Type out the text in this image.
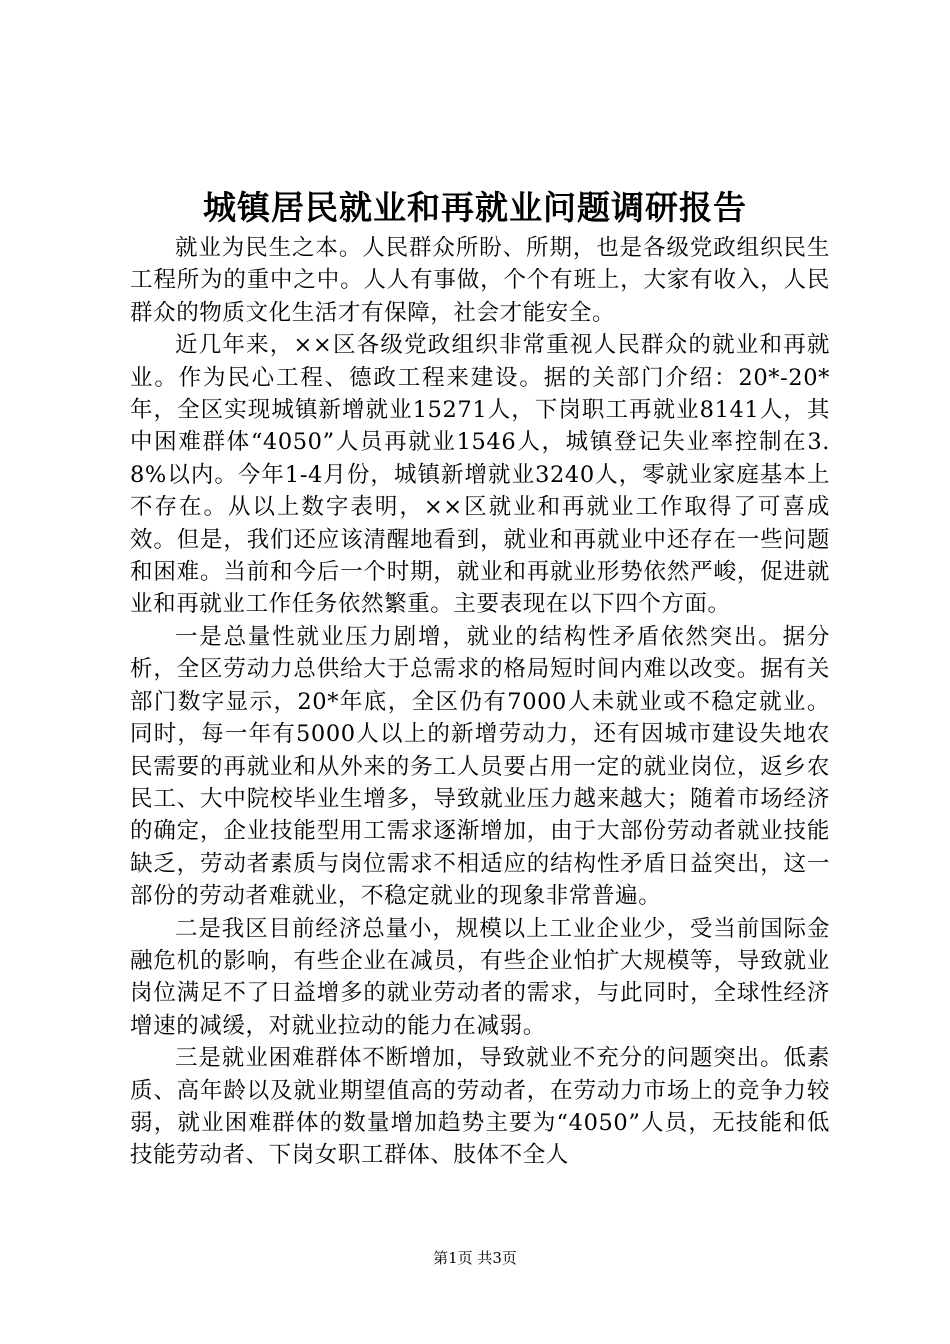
城镇居民就业和再就业问题调研报告

就业为民生之本。人民群众所盼、所期，也是各级党政组织民生工程所为的重中之中。人人有事做，个个有班上，大家有收入，人民群众的物质文化生活才有保障，社会才能安全。

近几年来，××区各级党政组织非常重视人民群众的就业和再就业。作为民心工程、德政工程来建设。据的关部门介绍：20*-20*年，全区实现城镇新增就业15271人，下岗职工再就业8141人，其中困难群体“4050”人员再就业1546人，城镇登记失业率控制在3.8%以内。今年1-4月份，城镇新增就业3240人，零就业家庭基本上不存在。从以上数字表明，××区就业和再就业工作取得了可喜成效。但是，我们还应该清醒地看到，就业和再就业中还存在一些问题和困难。当前和今后一个时期，就业和再就业形势依然严峻，促进就业和再就业工作任务依然繁重。主要表现在以下四个方面。

一是总量性就业压力剧增，就业的结构性矛盾依然突出。据分析，全区劳动力总供给大于总需求的格局短时间内难以改变。据有关部门数字显示，20*年底，全区仍有7000人未就业或不稳定就业。同时，每一年有5000人以上的新增劳动力，还有因城市建设失地农民需要的再就业和从外来的务工人员要占用一定的就业岗位，返乡农民工、大中院校毕业生增多，导致就业压力越来越大；随着市场经济的确定，企业技能型用工需求逐渐增加，由于大部份劳动者就业技能缺乏，劳动者素质与岗位需求不相适应的结构性矛盾日益突出，这一部份的劳动者难就业，不稳定就业的现象非常普遍。

二是我区目前经济总量小，规模以上工业企业少，受当前国际金融危机的影响，有些企业在减员，有些企业怕扩大规模等，导致就业岗位满足不了日益增多的就业劳动者的需求，与此同时，全球性经济增速的减缓，对就业拉动的能力在减弱。

三是就业困难群体不断增加，导致就业不充分的问题突出。低素质、高年龄以及就业期望值高的劳动者，在劳动力市场上的竞争力较弱，就业困难群体的数量增加趋势主要为“4050”人员，无技能和低技能劳动者、下岗女职工群体、肢体不全人

第1页 共3页
